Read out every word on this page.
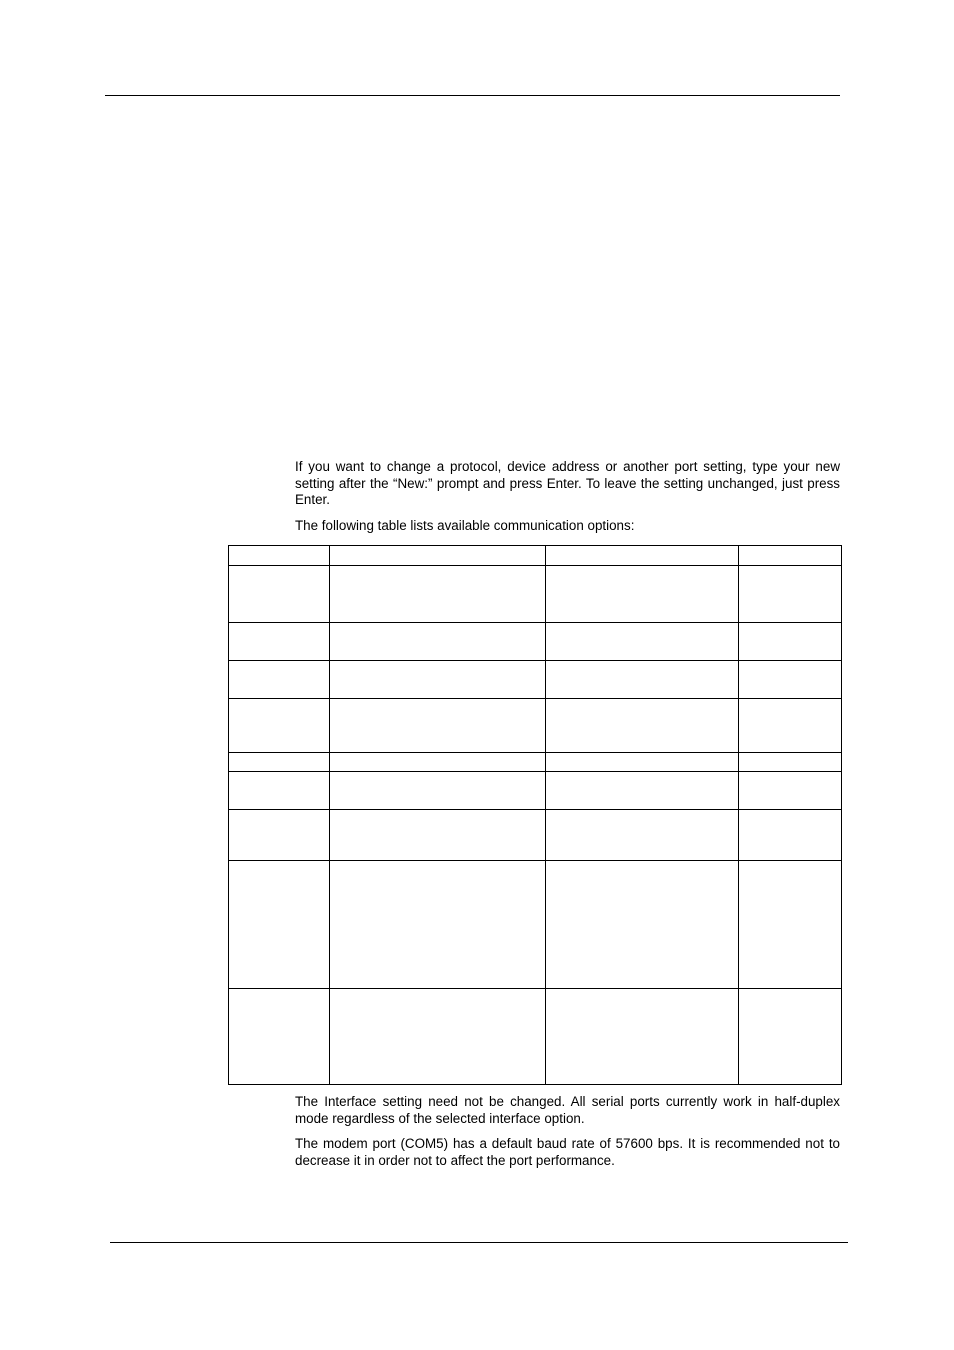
If you want to change a protocol, device address or another port setting, type your new setting after the “New:” prompt and press Enter. To leave the setting unchanged, just press Enter.

The following table lists available communication options:

The Interface setting need not be changed. All serial ports currently work in half-duplex mode regardless of the selected interface option.

The modem port (COM5) has a default baud rate of 57600 bps. It is recommended not to decrease it in order not to affect the port performance.
